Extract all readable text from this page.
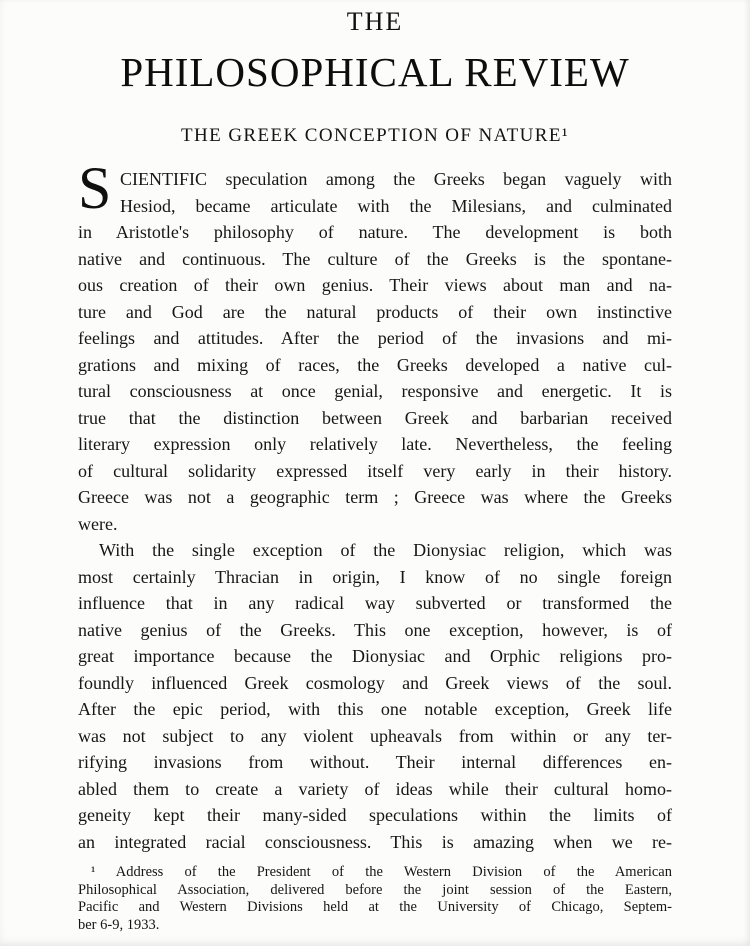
THE
PHILOSOPHICAL REVIEW
THE GREEK CONCEPTION OF NATURE¹
S CIENTIFIC speculation among the Greeks began vaguely with
Hesiod, became articulate with the Milesians, and culminated
in Aristotle's philosophy of nature. The development is both
native and continuous. The culture of the Greeks is the spontane-
ous creation of their own genius. Their views about man and na-
ture and God are the natural products of their own instinctive
feelings and attitudes. After the period of the invasions and mi-
grations and mixing of races, the Greeks developed a native cul-
tural consciousness at once genial, responsive and energetic. It is
true that the distinction between Greek and barbarian received
literary expression only relatively late. Nevertheless, the feeling
of cultural solidarity expressed itself very early in their history.
Greece was not a geographic term ; Greece was where the Greeks
were.
With the single exception of the Dionysiac religion, which was
most certainly Thracian in origin, I know of no single foreign
influence that in any radical way subverted or transformed the
native genius of the Greeks. This one exception, however, is of
great importance because the Dionysiac and Orphic religions pro-
foundly influenced Greek cosmology and Greek views of the soul.
After the epic period, with this one notable exception, Greek life
was not subject to any violent upheavals from within or any ter-
rifying invasions from without. Their internal differences en-
abled them to create a variety of ideas while their cultural homo-
geneity kept their many-sided speculations within the limits of
an integrated racial consciousness. This is amazing when we re-
¹ Address of the President of the Western Division of the American
Philosophical Association, delivered before the joint session of the Eastern,
Pacific and Western Divisions held at the University of Chicago, Septem-
ber 6-9, 1933.
